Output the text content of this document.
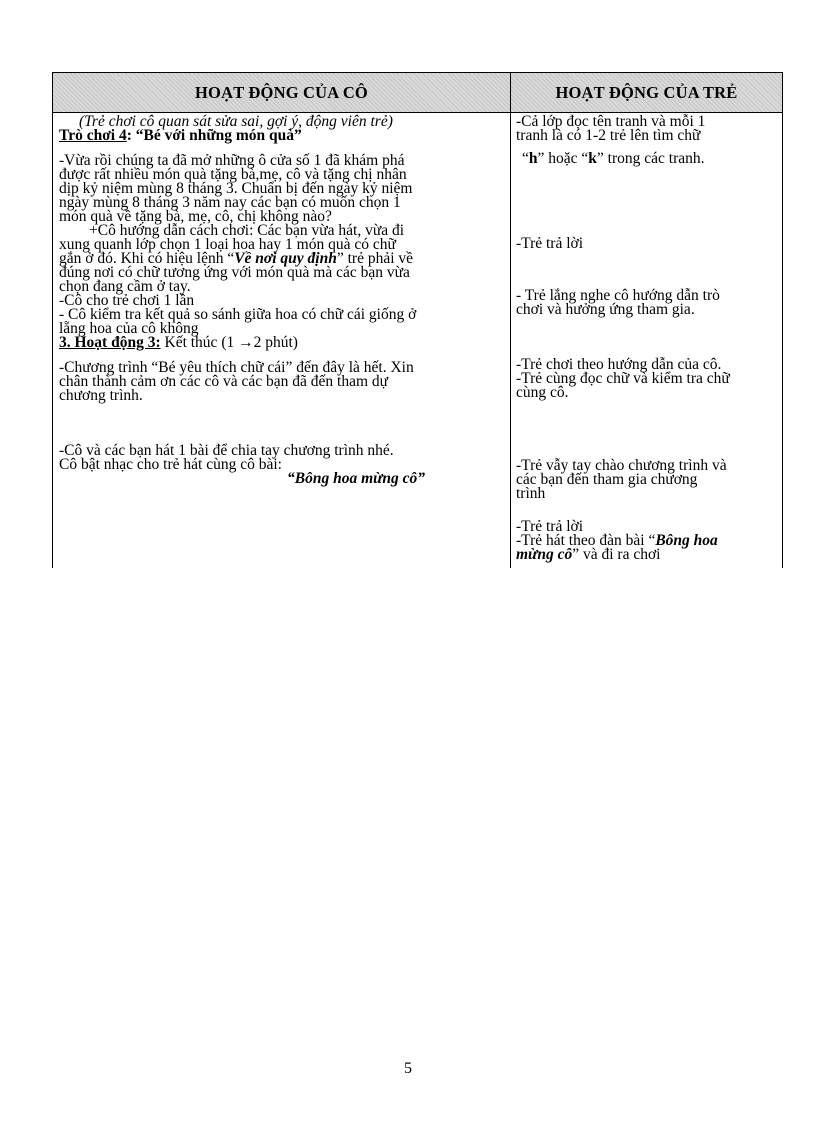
HOẠT ĐỘNG CỦA CÔ	HOẠT ĐỘNG CỦA TRẺ
(Trẻ chơi cô quan sát sửa sai, gợi ý, động viên trẻ)
Trò chơi 4: “Bé với những món quà”
-Vừa rồi chúng ta đã mở những ô cửa số 1 đã khám phá
được rất nhiều món quà tặng bà,mẹ, cô và tặng chị nhân
dịp kỷ niệm mùng 8 tháng 3. Chuẩn bị đến ngày kỷ niệm
ngày mùng 8 tháng 3 năm nay các bạn có muốn chọn 1
món quà về tặng bà, mẹ, cô, chị không nào?
+Cô hướng dẫn cách chơi: Các bạn vừa hát, vừa đi
xung quanh lớp chọn 1 loại hoa hay 1 món quà có chữ
gắn ở đó. Khi có hiệu lệnh “Về nơi quy định” trẻ phải về
đúng nơi có chữ tương ứng với món quà mà các bạn vừa
chọn đang cầm ở tay.
-Cô cho trẻ chơi 1 lần
- Cô kiểm tra kết quả so sánh giữa hoa có chữ cái giống ở
lẵng hoa của cô không
3. Hoạt động 3: Kết thúc (1 →2 phút)
-Chương trình “Bé yêu thích chữ cái” đến đây là hết. Xin
chân thành cảm ơn các cô và các bạn đã đến tham dự
chương trình.
-Cô và các bạn hát 1 bài để chia tay chương trình nhé.
Cô bật nhạc cho trẻ hát cùng cô bài:
“Bông hoa mừng cô”
-Cả lớp đọc tên tranh và mỗi 1
tranh là có 1-2 trẻ lên tìm chữ
“h” hoặc “k” trong các tranh.
-Trẻ trả lời
- Trẻ lắng nghe cô hướng dẫn trò
chơi và hưởng ứng tham gia.
-Trẻ chơi theo hướng dẫn của cô.
-Trẻ cùng đọc chữ và kiểm tra chữ
cùng cô.
-Trẻ vẫy tay chào chương trình và
các bạn đến tham gia chương
trình
-Trẻ trả lời
-Trẻ hát theo đàn bài “Bông hoa
mừng cô” và đi ra chơi
5
